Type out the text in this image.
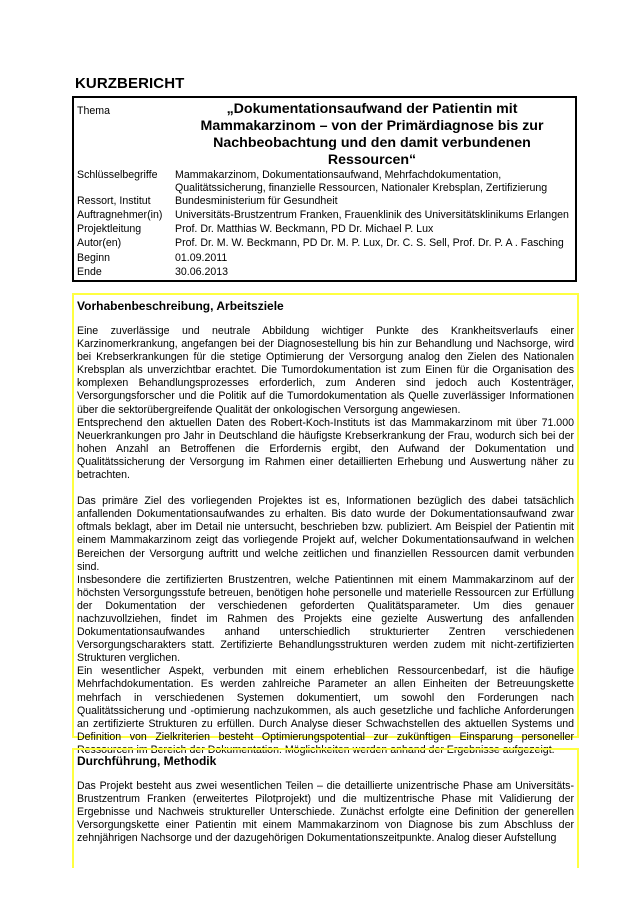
KURZBERICHT
Thema	„Dokumentationsaufwand der Patientin mit Mammakarzinom – von der Primärdiagnose bis zur Nachbeobachtung und den damit verbundenen Ressourcen“
Schlüsselbegriffe Mammakarzinom, Dokumentationsaufwand, Mehrfachdokumentation,
Qualitätssicherung, finanzielle Ressourcen, Nationaler Krebsplan, Zertifizierung
Ressort, Institut Bundesministerium für Gesundheit
Auftragnehmer(in) Universitäts-Brustzentrum Franken, Frauenklinik des Universitätsklinikums Erlangen
Projektleitung	Prof. Dr. Matthias W. Beckmann, PD Dr. Michael P. Lux
Autor(en)	Prof. Dr. M. W. Beckmann, PD Dr. M. P. Lux, Dr. C. S. Sell, Prof. Dr. P. A . Fasching
Beginn	01.09.2011
Ende	30.06.2013
Vorhabenbeschreibung, Arbeitsziele

Eine zuverlässige und neutrale Abbildung wichtiger Punkte des Krankheitsverlaufs einer Karzinomerkrankung, angefangen bei der Diagnosestellung bis hin zur Behandlung und Nachsorge, wird bei Krebserkrankungen für die stetige Optimierung der Versorgung analog den Zielen des Nationalen Krebsplan als unverzichtbar erachtet. Die Tumordokumentation ist zum Einen für die Organisation des komplexen Behandlungsprozesses erforderlich, zum Anderen sind jedoch auch Kostenträger, Versorgungsforscher und die Politik auf die Tumordokumentation als Quelle zuverlässiger Informationen über die sektorübergreifende Qualität der onkologischen Versorgung angewiesen.

Entsprechend den aktuellen Daten des Robert-Koch-Instituts ist das Mammakarzinom mit über 71.000 Neuerkrankungen pro Jahr in Deutschland die häufigste Krebserkrankung der Frau, wodurch sich bei der hohen Anzahl an Betroffenen die Erfordernis ergibt, den Aufwand der Dokumentation und Qualitätssicherung der Versorgung im Rahmen einer detaillierten Erhebung und Auswertung näher zu betrachten.

Das primäre Ziel des vorliegenden Projektes ist es, Informationen bezüglich des dabei tatsächlich anfallenden Dokumentationsaufwandes zu erhalten. Bis dato wurde der Dokumentationsaufwand zwar oftmals beklagt, aber im Detail nie untersucht, beschrieben bzw. publiziert. Am Beispiel der Patientin mit einem Mammakarzinom zeigt das vorliegende Projekt auf, welcher Dokumentationsaufwand in welchen Bereichen der Versorgung auftritt und welche zeitlichen und finanziellen Ressourcen damit verbunden sind.

Insbesondere die zertifizierten Brustzentren, welche Patientinnen mit einem Mammakarzinom auf der höchsten Versorgungsstufe betreuen, benötigen hohe personelle und materielle Ressourcen zur Erfüllung der Dokumentation der verschiedenen geforderten Qualitätsparameter. Um dies genauer nachzuvollziehen, findet im Rahmen des Projekts eine gezielte Auswertung des anfallenden Dokumentationsaufwandes anhand unterschiedlich strukturierter Zentren verschiedenen Versorgungscharakters statt. Zertifizierte Behandlungsstrukturen werden zudem mit nicht-zertifizierten Strukturen verglichen.

Ein wesentlicher Aspekt, verbunden mit einem erheblichen Ressourcenbedarf, ist die häufige Mehrfachdokumentation. Es werden zahlreiche Parameter an allen Einheiten der Betreuungskette mehrfach in verschiedenen Systemen dokumentiert, um sowohl den Forderungen nach Qualitätssicherung und -optimierung nachzukommen, als auch gesetzliche und fachliche Anforderungen an zertifizierte Strukturen zu erfüllen. Durch Analyse dieser Schwachstellen des aktuellen Systems und Definition von Zielkriterien besteht Optimierungspotential zur zukünftigen Einsparung personeller Ressourcen im Bereich der Dokumentation. Möglichkeiten werden anhand der Ergebnisse aufgezeigt.

Durchführung, Methodik

Das Projekt besteht aus zwei wesentlichen Teilen – die detaillierte unizentrische Phase am Universitäts-Brustzentrum Franken (erweitertes Pilotprojekt) und die multizentrische Phase mit Validierung der Ergebnisse und Nachweis struktureller Unterschiede. Zunächst erfolgte eine Definition der generellen Versorgungskette einer Patientin mit einem Mammakarzinom von Diagnose bis zum Abschluss der zehnjährigen Nachsorge und der dazugehörigen Dokumentationszeitpunkte. Analog dieser Aufstellung
